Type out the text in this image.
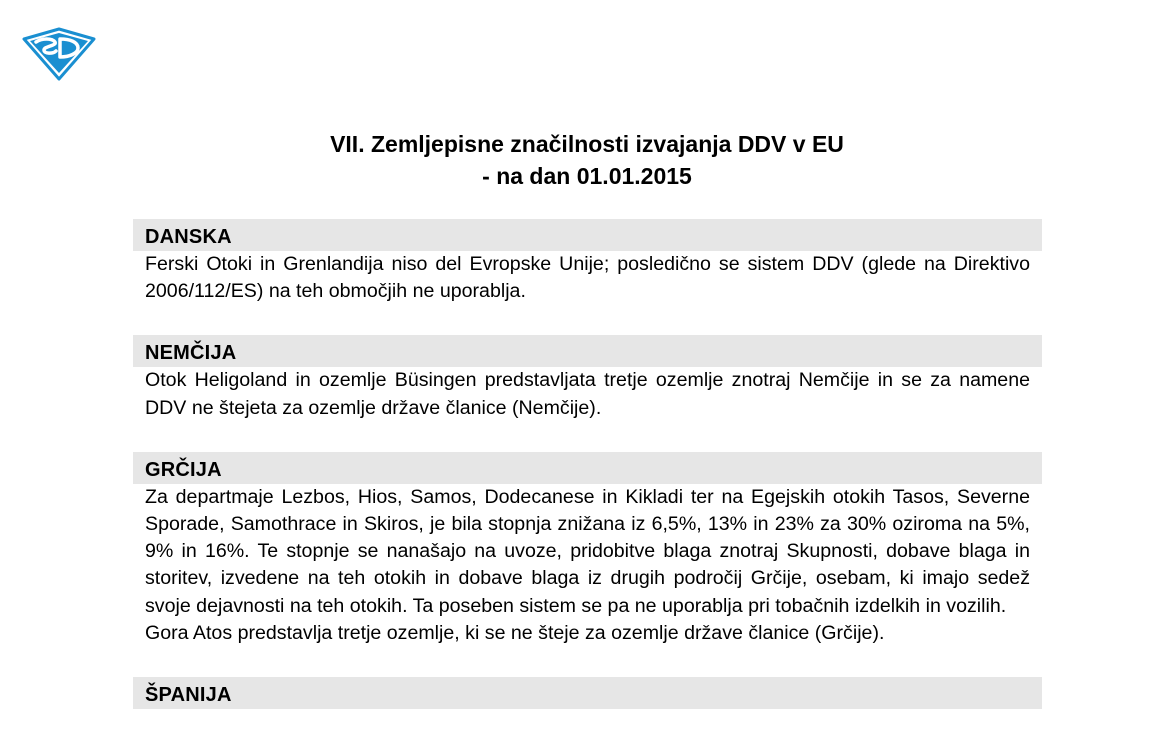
VII. Zemljepisne značilnosti izvajanja DDV v EU
- na dan 01.01.2015
DANSKA

Ferski Otoki in Grenlandija niso del Evropske Unije; posledično se sistem DDV (glede na Direktivo 2006/112/ES) na teh območjih ne uporablja.

NEMČIJA

Otok Heligoland in ozemlje Büsingen predstavljata tretje ozemlje znotraj Nemčije in se za namene DDV ne štejeta za ozemlje države članice (Nemčije).

GRČIJA

Za departmaje Lezbos, Hios, Samos, Dodecanese in Kikladi ter na Egejskih otokih Tasos, Severne Sporade, Samothrace in Skiros, je bila stopnja znižana iz 6,5%, 13% in 23% za 30% oziroma na 5%, 9% in 16%. Te stopnje se nanašajo na uvoze, pridobitve blaga znotraj Skupnosti, dobave blaga in storitev, izvedene na teh otokih in dobave blaga iz drugih področij Grčije, osebam, ki imajo sedež svoje dejavnosti na teh otokih. Ta poseben sistem se pa ne uporablja pri tobačnih izdelkih in vozilih.

Gora Atos predstavlja tretje ozemlje, ki se ne šteje za ozemlje države članice (Grčije).

ŠPANIJA
